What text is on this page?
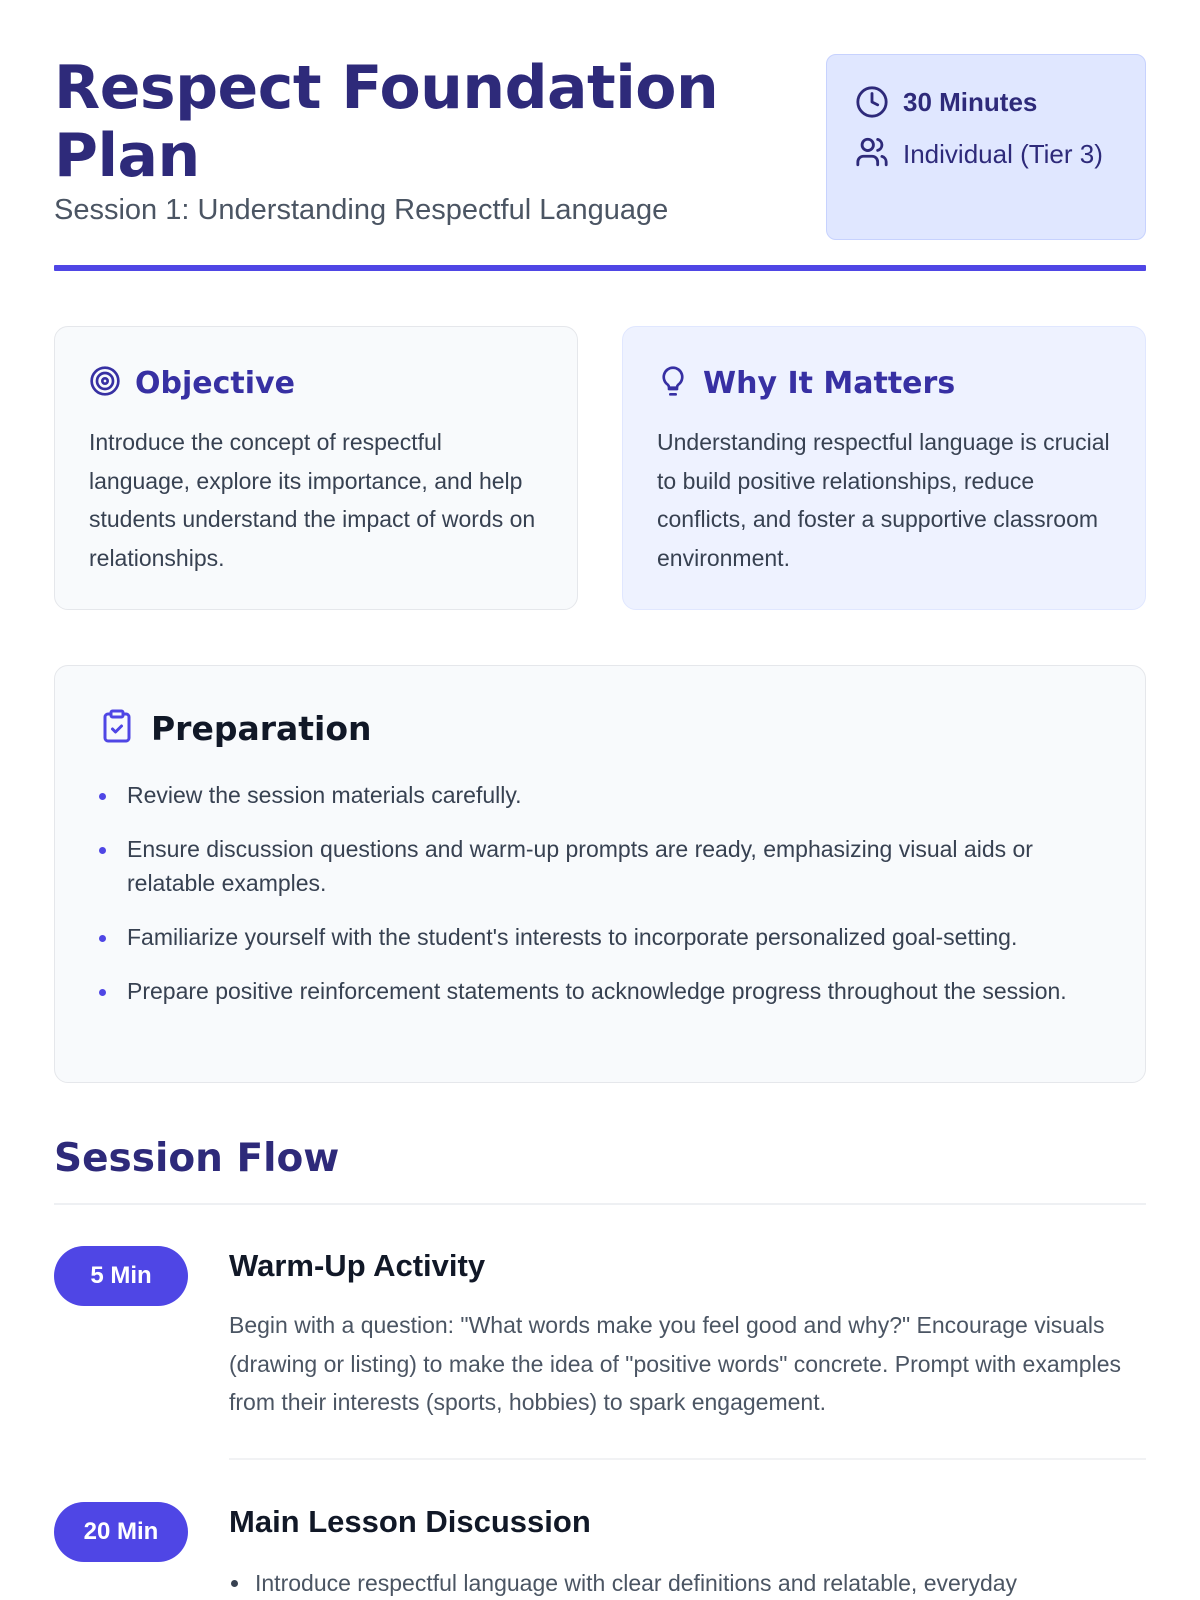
Respect Foundation Plan
Session 1: Understanding Respectful Language
30 Minutes
Individual (Tier 3)
Objective

Introduce the concept of respectful language, explore its importance, and help students understand the impact of words on relationships.

Why It Matters

Understanding respectful language is crucial to build positive relationships, reduce conflicts, and foster a supportive classroom environment.

Preparation
Review the session materials carefully.
Ensure discussion questions and warm-up prompts are ready, emphasizing visual aids or relatable examples.
Familiarize yourself with the student's interests to incorporate personalized goal-setting.
Prepare positive reinforcement statements to acknowledge progress throughout the session.
Session Flow
5 Min	Warm-Up Activity

Begin with a question: "What words make you feel good and why?" Encourage visuals (drawing or listing) to make the idea of "positive words" concrete. Prompt with examples from their interests (sports, hobbies) to spark engagement.

20 Min	Main Lesson Discussion
Introduce respectful language with clear definitions and relatable, everyday
